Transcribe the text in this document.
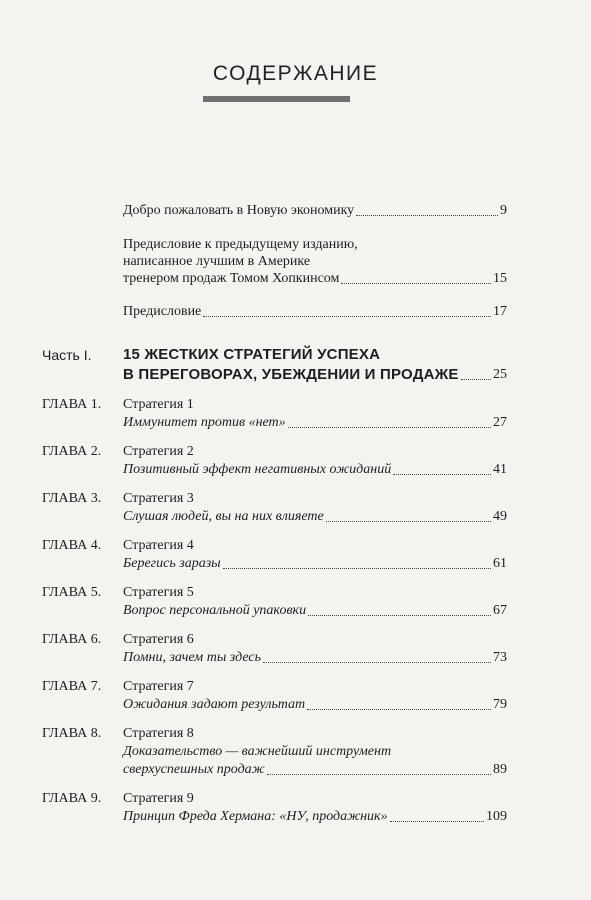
СОДЕРЖАНИЕ
Добро пожаловать в Новую экономику	9
Предисловие к предыдущему изданию,
написанное лучшим в Америке
тренером продаж Томом Хопкинсом	15
Предисловие	17
Часть I. 15 ЖЕСТКИХ СТРАТЕГИЙ УСПЕХА
В ПЕРЕГОВОРАХ, УБЕЖДЕНИИ И ПРОДАЖЕ 25
ГЛАВА 1. Стратегия 1
Иммунитет против «нет»	27
ГЛАВА 2. Стратегия 2
Позитивный эффект негативных ожиданий	41
ГЛАВА 3. Стратегия 3
Слушая людей, вы на них влияете	49
ГЛАВА 4. Стратегия 4
Берегись заразы	61
ГЛАВА 5. Стратегия 5
Вопрос персональной упаковки	67
ГЛАВА 6. Стратегия 6
Помни, зачем ты здесь	73
ГЛАВА 7. Стратегия 7
Ожидания задают результат	79
ГЛАВА 8. Стратегия 8
Доказательство — важнейший инструмент
сверхуспешных продаж	89
ГЛАВА 9. Стратегия 9
Принцип Фреда Хермана: «НУ, продажник»	109
